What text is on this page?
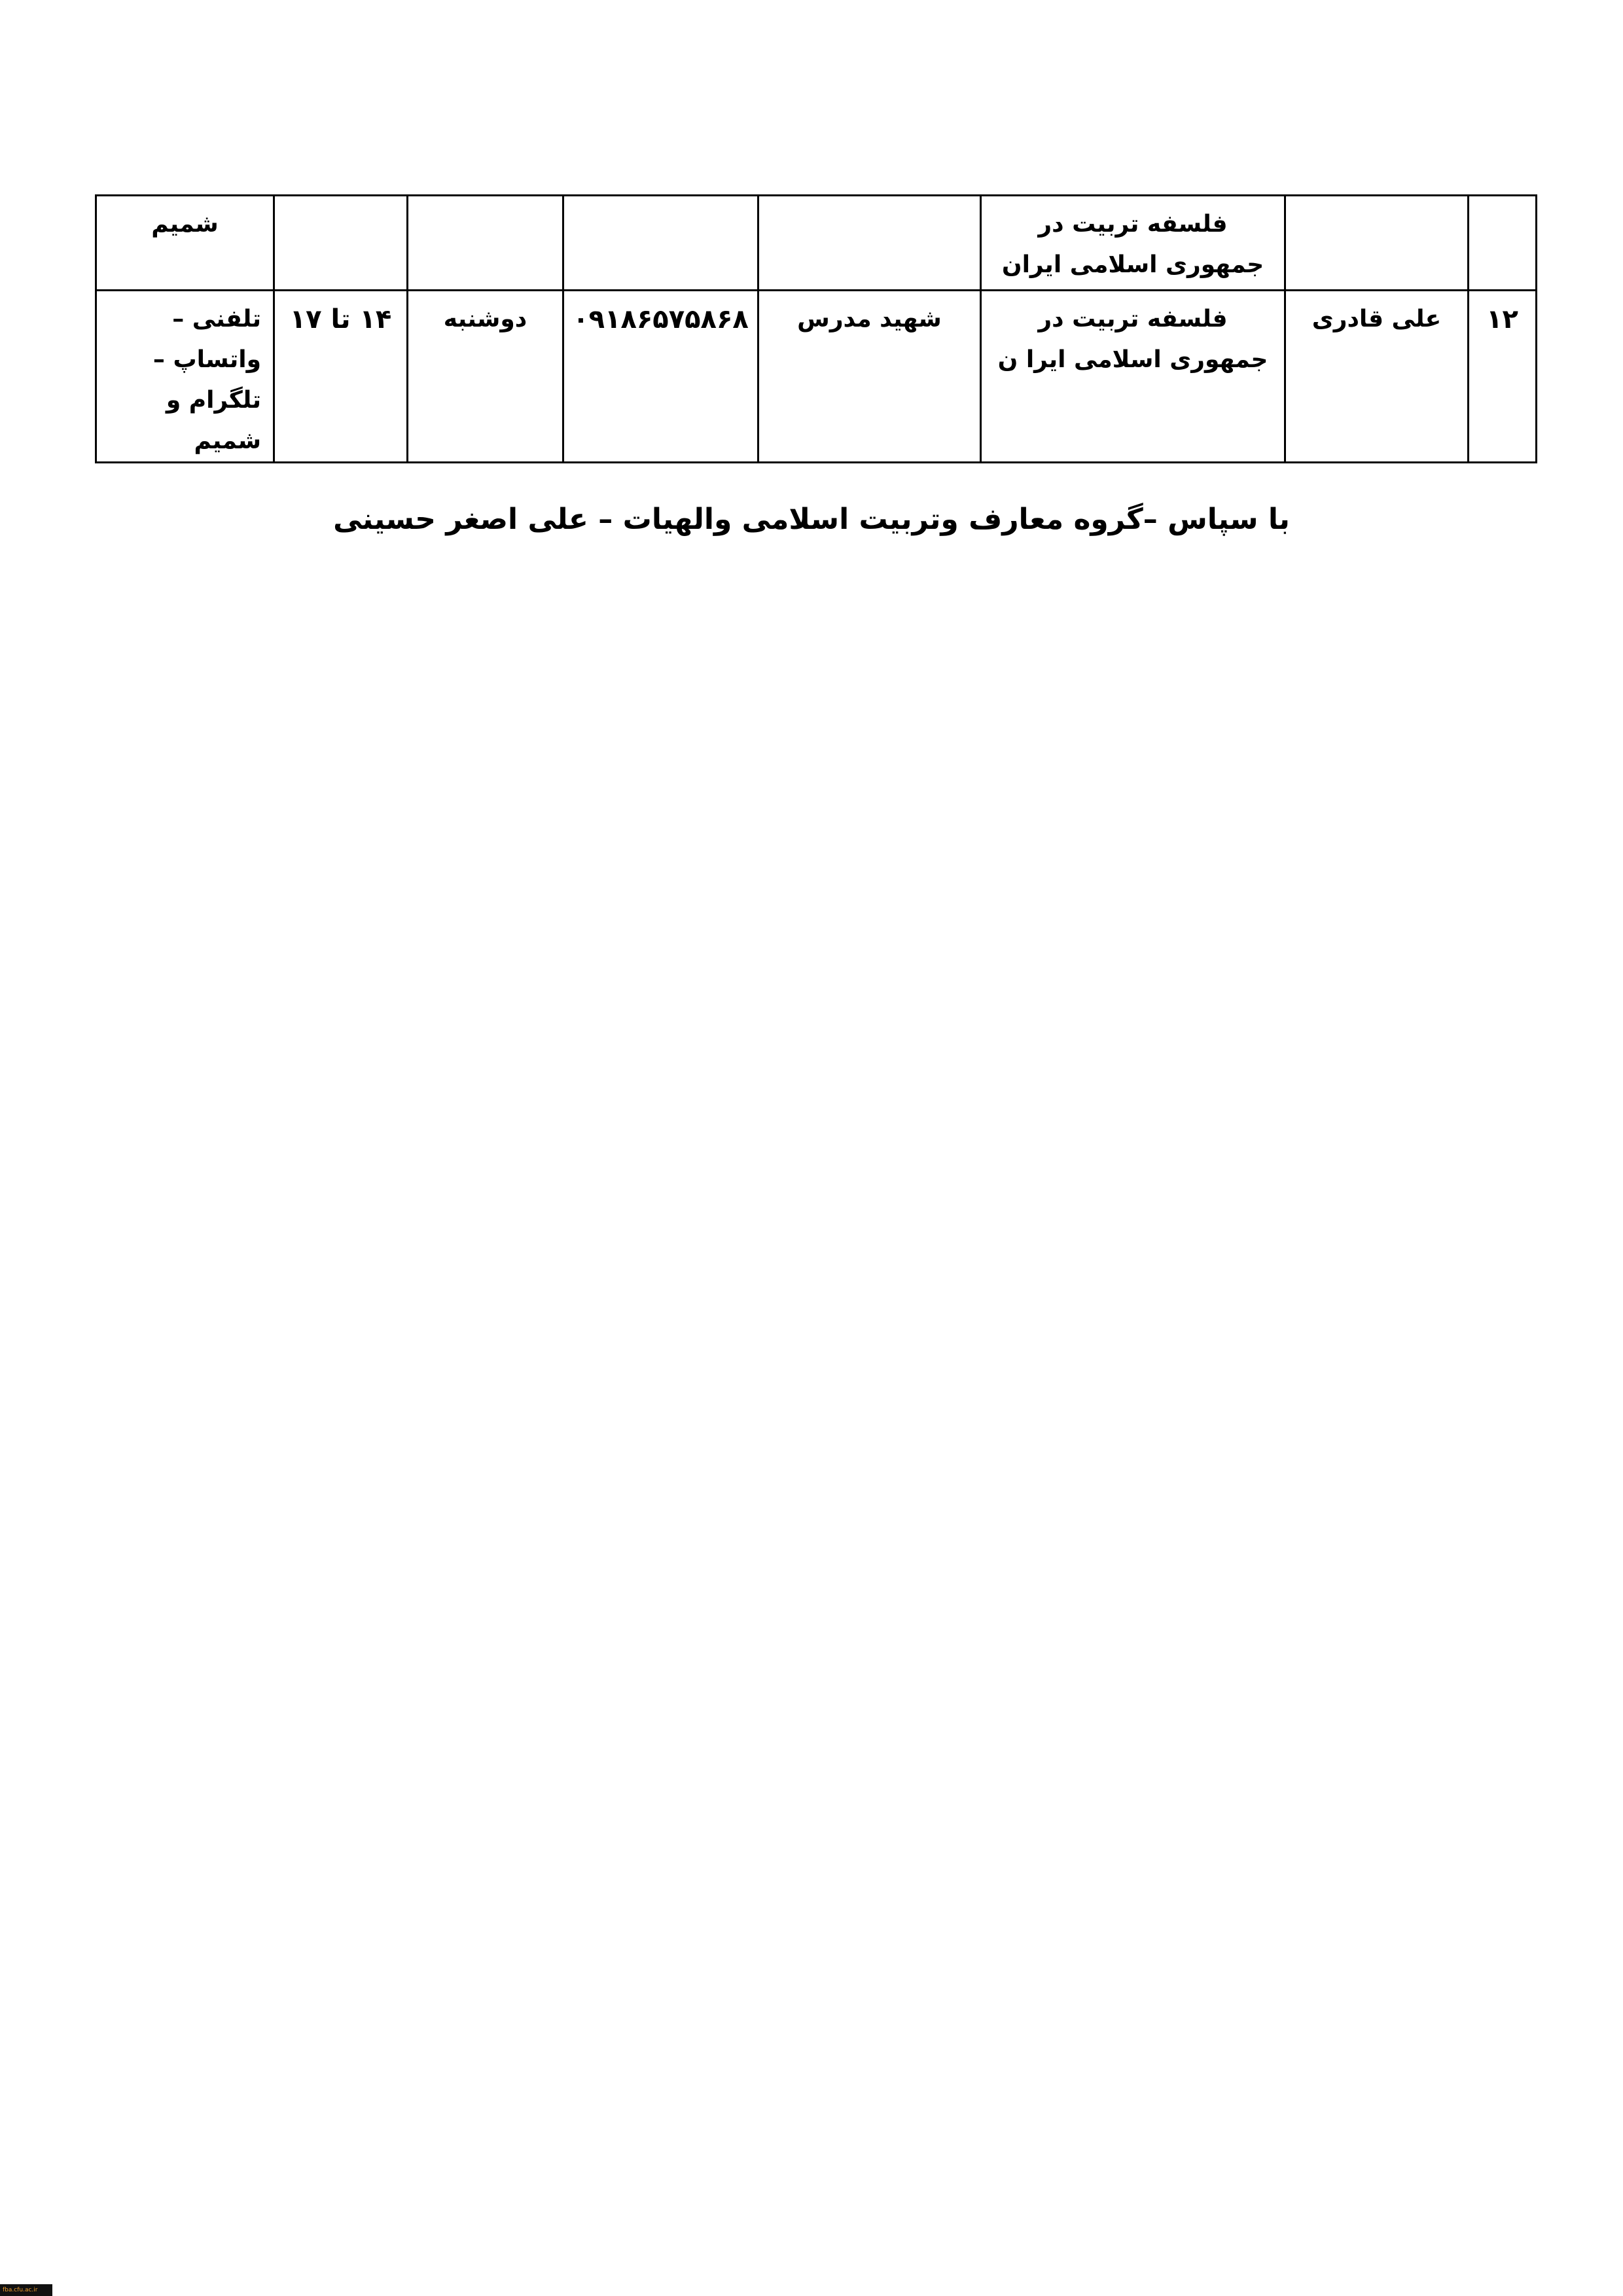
		فلسفه تربیت در جمهوری اسلامی ایران					شمیم
۱۲	علی قادری	فلسفه تربیت در جمهوری اسلامی ایرا ن	شهید مدرس	۰۹۱۸۶۵۷۵۸۶۸	دوشنبه	۱۴ تا ۱۷	تلفنی – واتساپ – تلگرام و شمیم
با سپاس –گروه معارف وتربیت اسلامی والهیات – علی اصغر حسینی
fba.cfu.ac.ir
